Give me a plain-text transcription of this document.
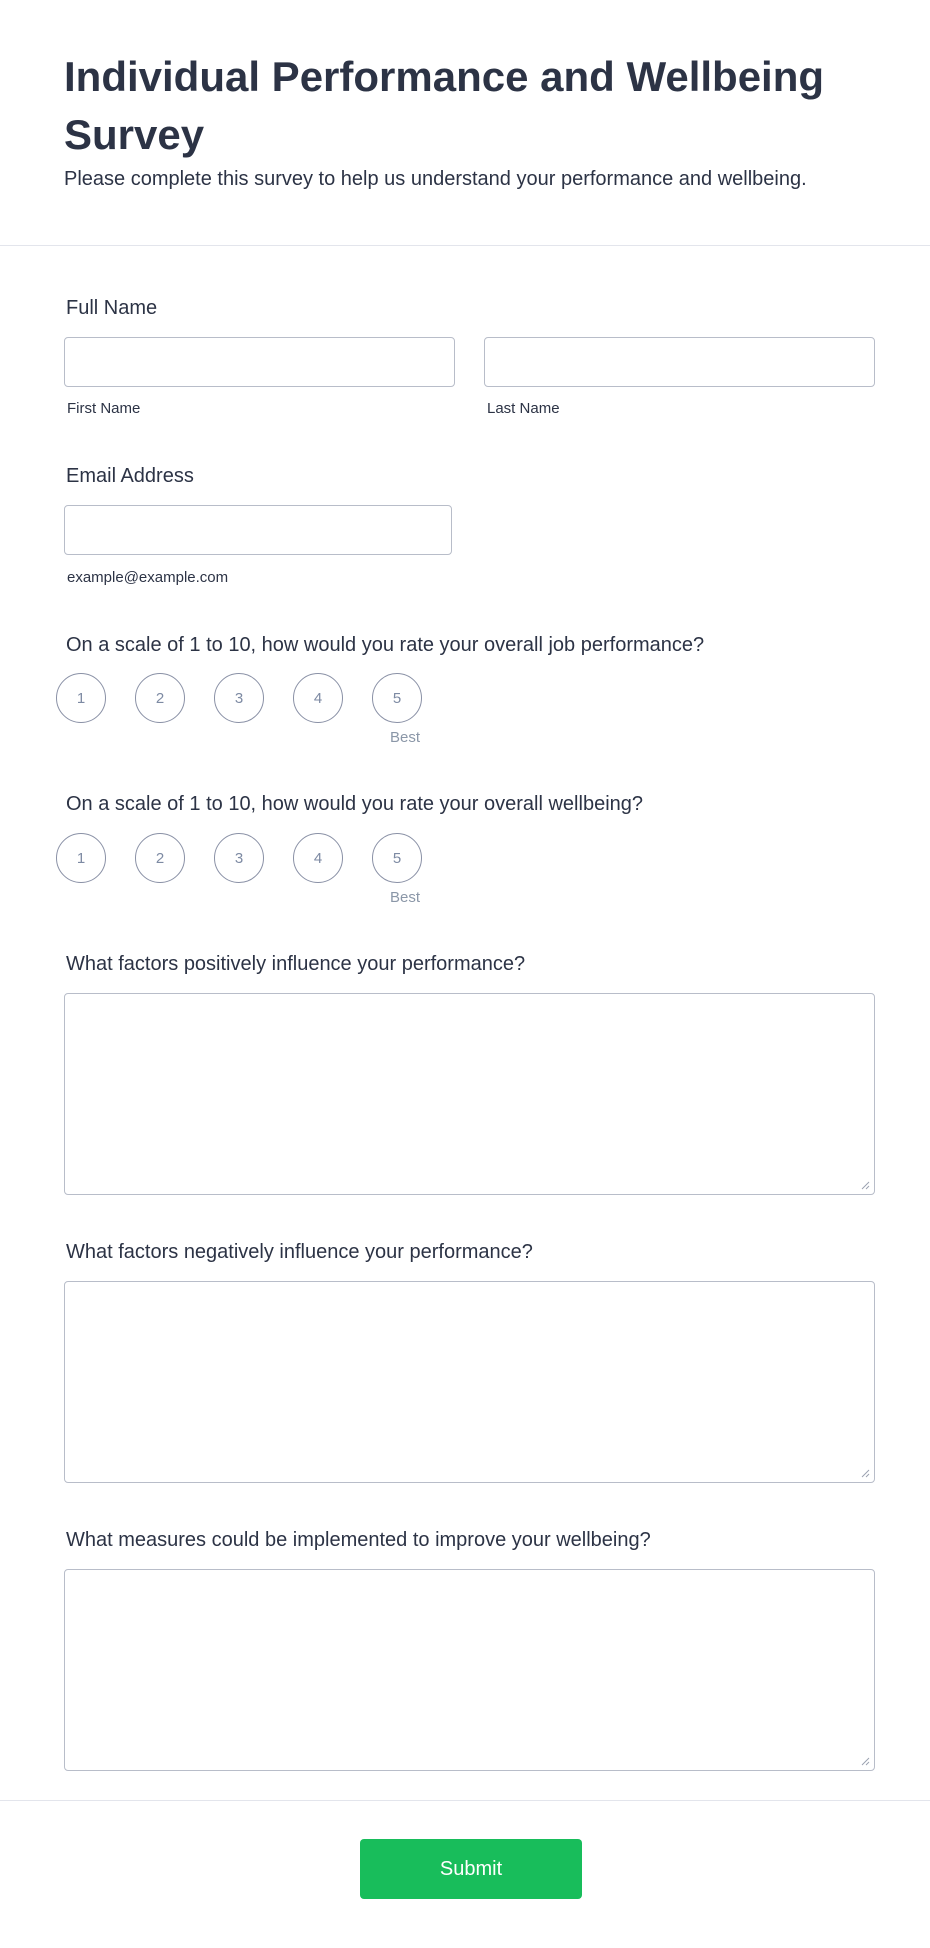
Individual Performance and Wellbeing Survey

Please complete this survey to help us understand your performance and wellbeing.

Full Name
First Name	Last Name
Email Address
example@example.com
On a scale of 1 to 10, how would you rate your overall job performance?
1	2	3	4	5
Best
On a scale of 1 to 10, how would you rate your overall wellbeing?
1	2	3	4	5
Best
What factors positively influence your performance?
What factors negatively influence your performance?
What measures could be implemented to improve your wellbeing?
Submit
